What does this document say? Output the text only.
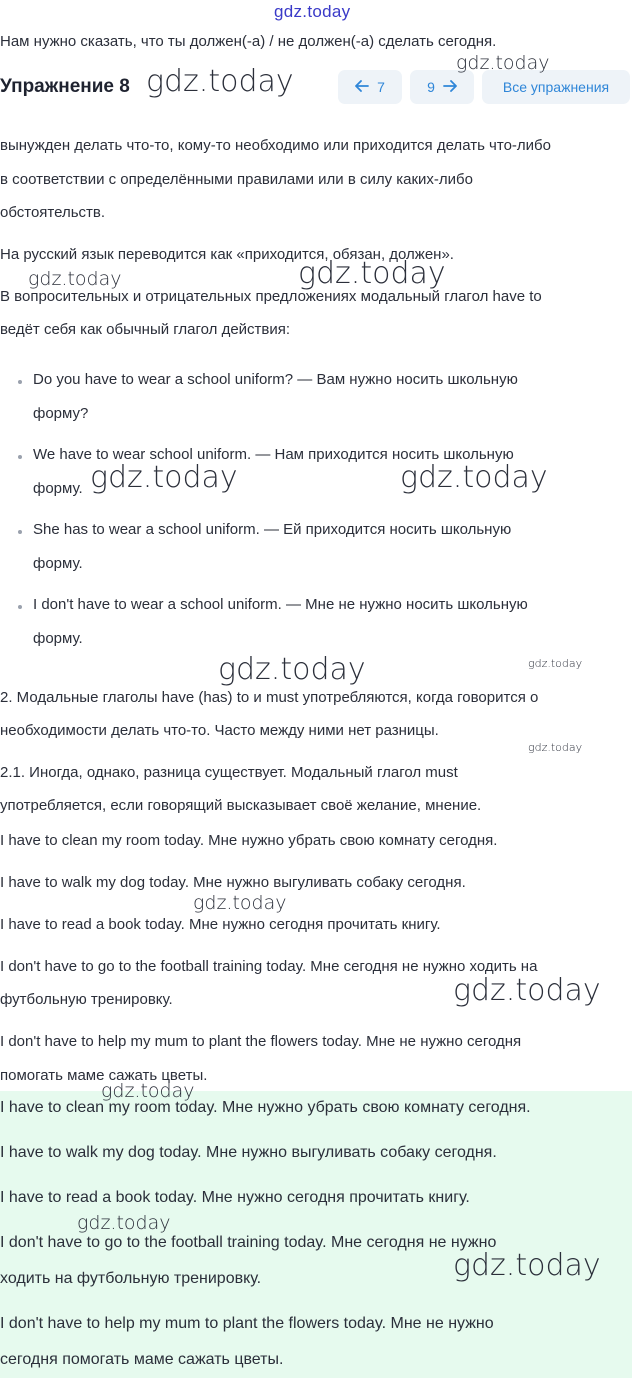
gdz.today
Нам нужно сказать, что ты должен(-а) / не должен(-а) сделать сегодня.
Упражнение 8	7	9	Все упражнения
вынужден делать что-то, кому-то необходимо или приходится делать что-либо
в соответствии с определёнными правилами или в силу каких-либо
обстоятельств.
На русский язык переводится как «приходится, обязан, должен».
В вопросительных и отрицательных предложениях модальный глагол have to
ведёт себя как обычный глагол действия:
Do you have to wear a school uniform? — Вам нужно носить школьную
форму?
We have to wear school uniform. — Нам приходится носить школьную
форму.
She has to wear a school uniform. — Ей приходится носить школьную
форму.
I don't have to wear a school uniform. — Мне не нужно носить школьную
форму.
2. Модальные глаголы have (has) to и must употребляются, когда говорится о
необходимости делать что-то. Часто между ними нет разницы.
2.1. Иногда, однако, разница существует. Модальный глагол must
употребляется, если говорящий высказывает своё желание, мнение.
I have to clean my room today. Мне нужно убрать свою комнату сегодня.
I have to walk my dog today. Мне нужно выгуливать собаку сегодня.
I have to read a book today. Мне нужно сегодня прочитать книгу.
I don't have to go to the football training today. Мне сегодня не нужно ходить на
футбольную тренировку.
I don't have to help my mum to plant the flowers today. Мне не нужно сегодня
помогать маме сажать цветы.
I have to clean my room today. Мне нужно убрать свою комнату сегодня.
I have to walk my dog today. Мне нужно выгуливать собаку сегодня.
I have to read a book today. Мне нужно сегодня прочитать книгу.
I don't have to go to the football training today. Мне сегодня не нужно
ходить на футбольную тренировку.
I don't have to help my mum to plant the flowers today. Мне не нужно
сегодня помогать маме сажать цветы.
gdz.today
gdz.today
gdz.today	gdz.today
gdz.today	gdz.today
gdz.today	gdz.today
gdz.today
gdz.today
gdz.today
gdz.today
gdz.today
gdz.today
